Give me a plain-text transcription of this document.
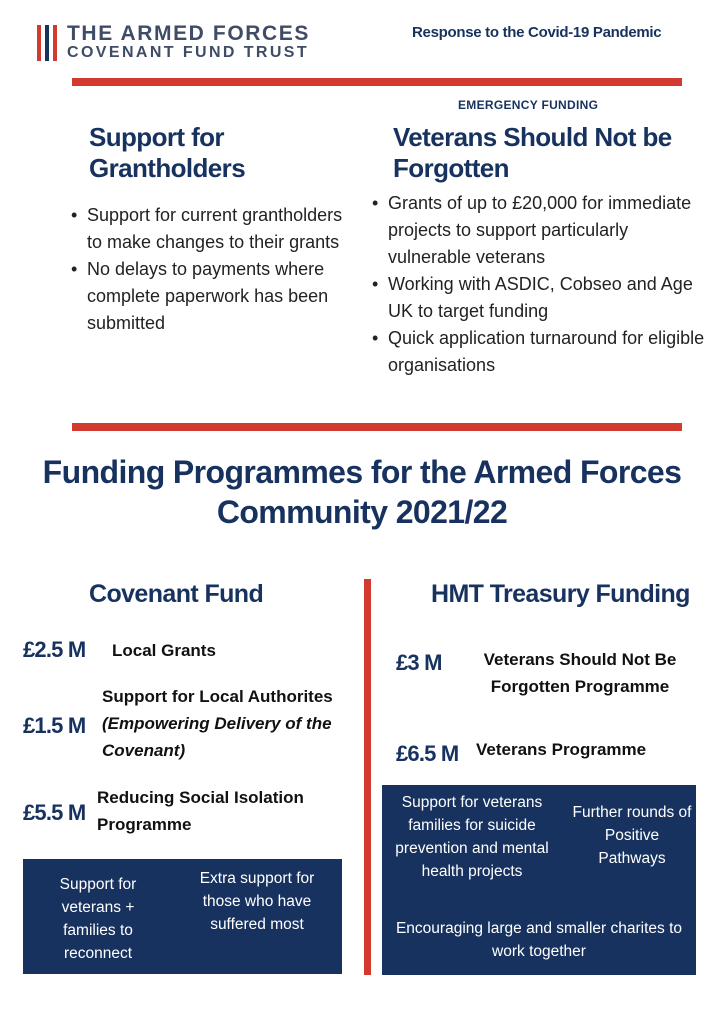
THE ARMED FORCES
COVENANT FUND TRUST
Response to the Covid-19 Pandemic
EMERGENCY FUNDING
Support for
Grantholders
• Support for current grantholders to make changes to their grants
• No delays to payments where complete paperwork has been submitted
Veterans Should Not be
Forgotten
• Grants of up to £20,000 for immediate projects to support particularly vulnerable veterans
• Working with ASDIC, Cobseo and Age UK to target funding
• Quick application turnaround for eligible organisations
Funding Programmes for the Armed Forces
Community 2021/22
Covenant Fund
£2.5 M Local Grants
£1.5 M
Support for Local Authorites (Empowering Delivery of the Covenant)
£5.5 M
Reducing Social Isolation Programme
Support for veterans + families to reconnect
Extra support for those who have suffered most
HMT Treasury Funding
£3 M	Veterans Should Not Be Forgotten Programme
£6.5 M Veterans Programme
Support for veterans families for suicide prevention and mental health projects
Further rounds of Positive Pathways
Encouraging large and smaller charites to work together
